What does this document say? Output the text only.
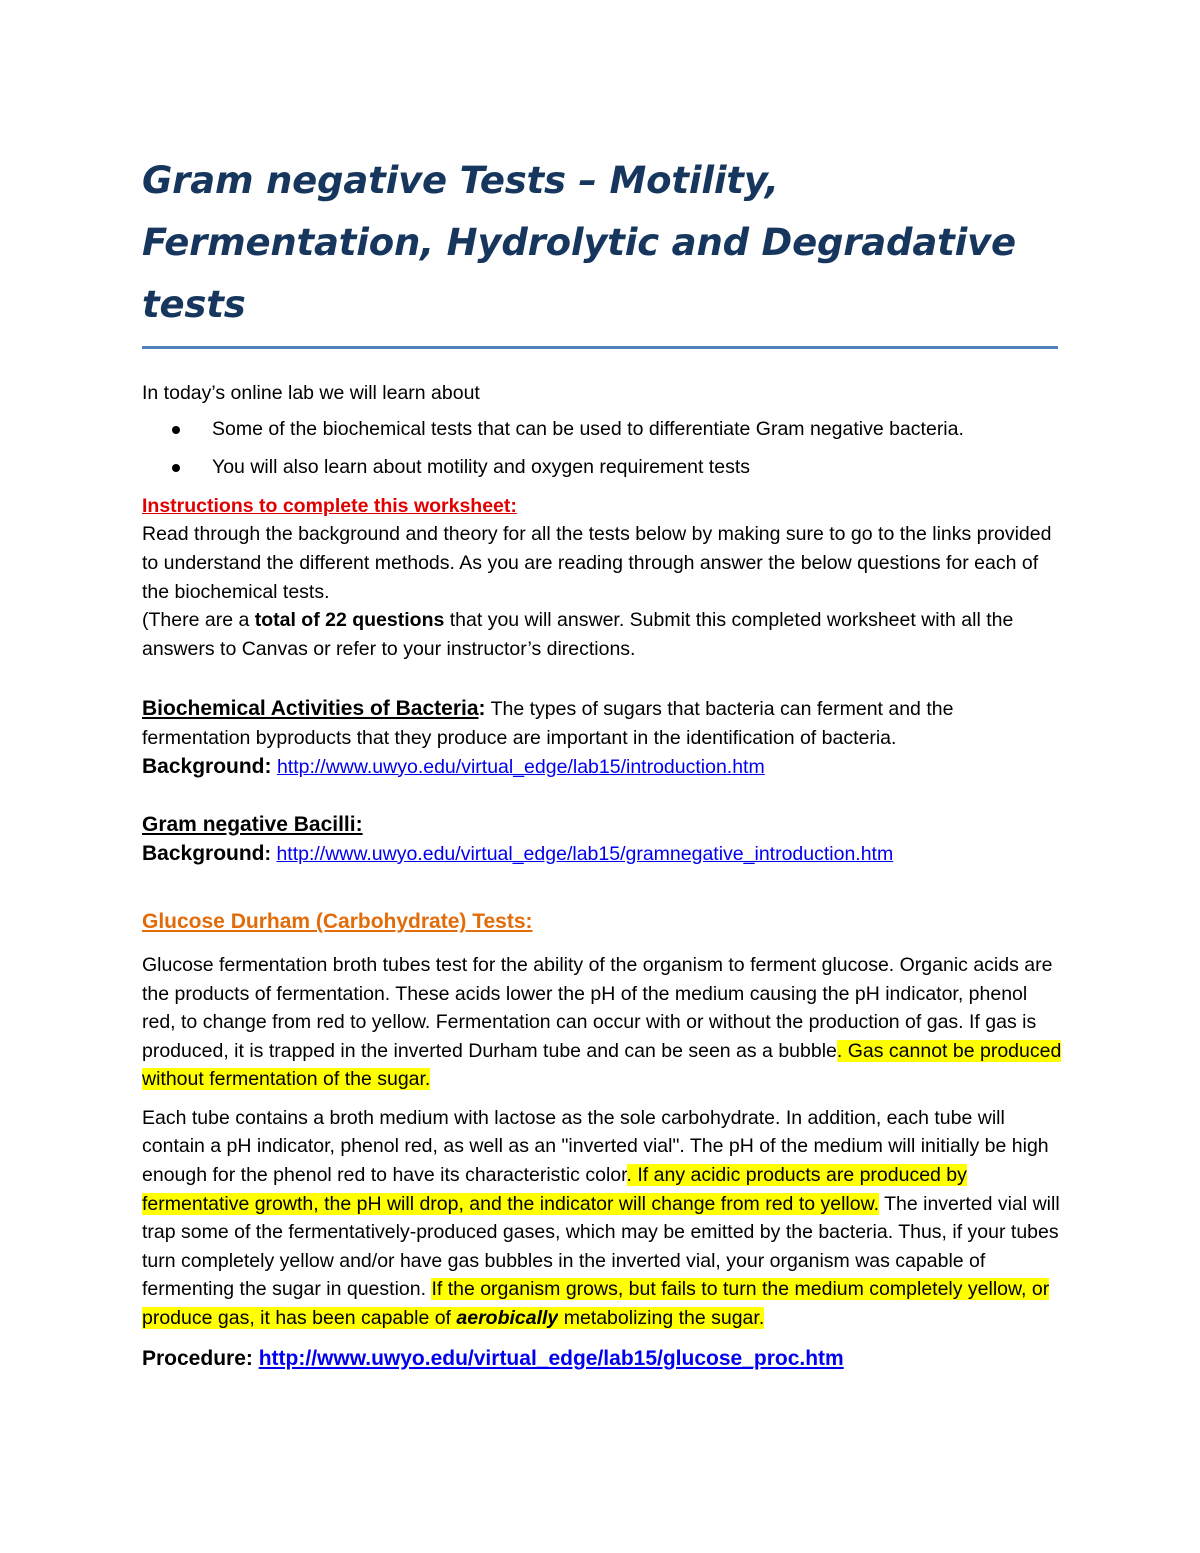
Gram negative Tests – Motility, Fermentation, Hydrolytic and Degradative tests

In today’s online lab we will learn about

Some of the biochemical tests that can be used to differentiate Gram negative bacteria.
You will also learn about motility and oxygen requirement tests

Instructions to complete this worksheet:

Read through the background and theory for all the tests below by making sure to go to the links provided to understand the different methods. As you are reading through answer the below questions for each of the biochemical tests.
(There are a total of 22 questions that you will answer. Submit this completed worksheet with all the answers to Canvas or refer to your instructor’s directions.

Biochemical Activities of Bacteria: The types of sugars that bacteria can ferment and the fermentation byproducts that they produce are important in the identification of bacteria.

Background: http://www.uwyo.edu/virtual_edge/lab15/introduction.htm

Gram negative Bacilli:

Background: http://www.uwyo.edu/virtual_edge/lab15/gramnegative_introduction.htm

Glucose Durham (Carbohydrate) Tests:

Glucose fermentation broth tubes test for the ability of the organism to ferment glucose. Organic acids are the products of fermentation. These acids lower the pH of the medium causing the pH indicator, phenol red, to change from red to yellow. Fermentation can occur with or without the production of gas. If gas is produced, it is trapped in the inverted Durham tube and can be seen as a bubble. Gas cannot be produced without fermentation of the sugar.

Each tube contains a broth medium with lactose as the sole carbohydrate. In addition, each tube will contain a pH indicator, phenol red, as well as an "inverted vial". The pH of the medium will initially be high enough for the phenol red to have its characteristic color. If any acidic products are produced by fermentative growth, the pH will drop, and the indicator will change from red to yellow. The inverted vial will trap some of the fermentatively-produced gases, which may be emitted by the bacteria. Thus, if your tubes turn completely yellow and/or have gas bubbles in the inverted vial, your organism was capable of fermenting the sugar in question. If the organism grows, but fails to turn the medium completely yellow, or produce gas, it has been capable of aerobically metabolizing the sugar.

Procedure: http://www.uwyo.edu/virtual_edge/lab15/glucose_proc.htm
